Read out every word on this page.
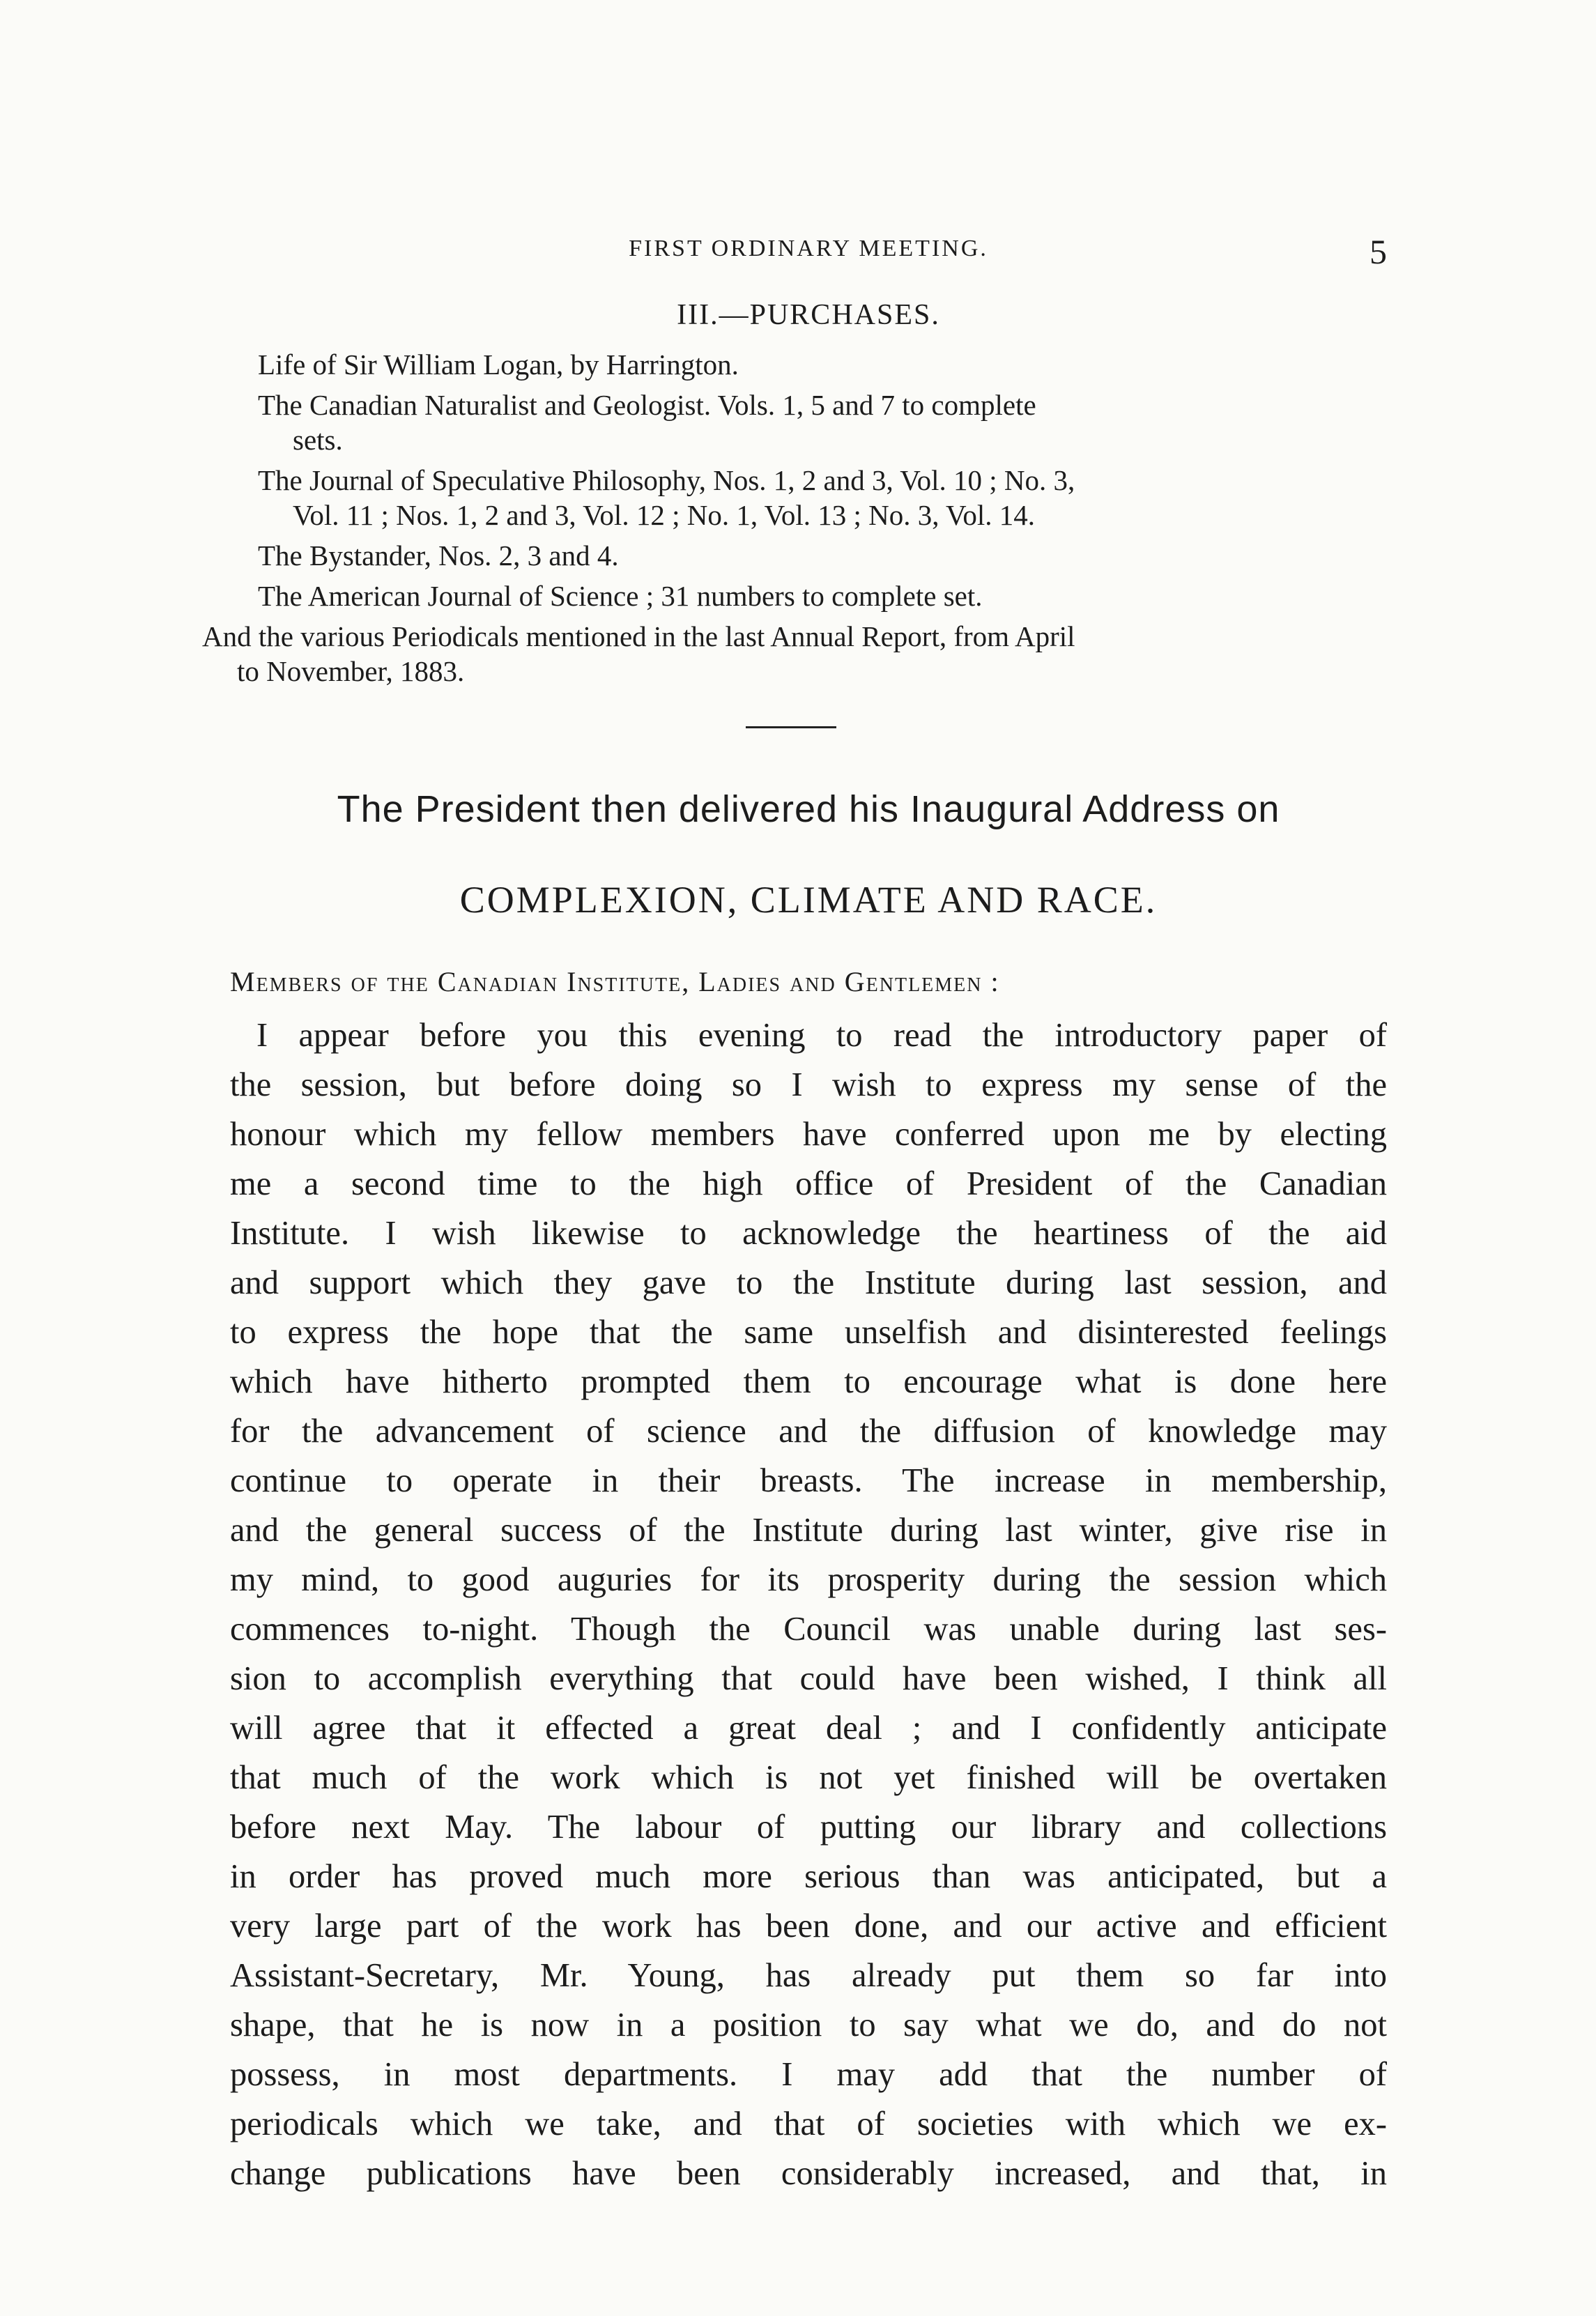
FIRST ORDINARY MEETING.	5
III.—PURCHASES.

Life of Sir William Logan, by Harrington.

The Canadian Naturalist and Geologist. Vols. 1, 5 and 7 to complete
sets.

The Journal of Speculative Philosophy, Nos. 1, 2 and 3, Vol. 10 ; No. 3,
Vol. 11 ; Nos. 1, 2 and 3, Vol. 12 ; No. 1, Vol. 13 ; No. 3, Vol. 14.

The Bystander, Nos. 2, 3 and 4.

The American Journal of Science ; 31 numbers to complete set.

And the various Periodicals mentioned in the last Annual Report, from April
to November, 1883.

The President then delivered his Inaugural Address on
COMPLEXION, CLIMATE AND RACE.
Members of the Canadian Institute, Ladies and Gentlemen :
I appear before you this evening to read the introductory paper of
the session, but before doing so I wish to express my sense of the
honour which my fellow members have conferred upon me by electing
me a second time to the high office of President of the Canadian
Institute. I wish likewise to acknowledge the heartiness of the aid
and support which they gave to the Institute during last session, and
to express the hope that the same unselfish and disinterested feelings
which have hitherto prompted them to encourage what is done here
for the advancement of science and the diffusion of knowledge may
continue to operate in their breasts. The increase in membership,
and the general success of the Institute during last winter, give rise in
my mind, to good auguries for its prosperity during the session which
commences to-night. Though the Council was unable during last ses-
sion to accomplish everything that could have been wished, I think all
will agree that it effected a great deal ; and I confidently anticipate
that much of the work which is not yet finished will be overtaken
before next May. The labour of putting our library and collections
in order has proved much more serious than was anticipated, but a
very large part of the work has been done, and our active and efficient
Assistant-Secretary, Mr. Young, has already put them so far into
shape, that he is now in a position to say what we do, and do not
possess, in most departments. I may add that the number of
periodicals which we take, and that of societies with which we ex-
change publications have been considerably increased, and that, in
